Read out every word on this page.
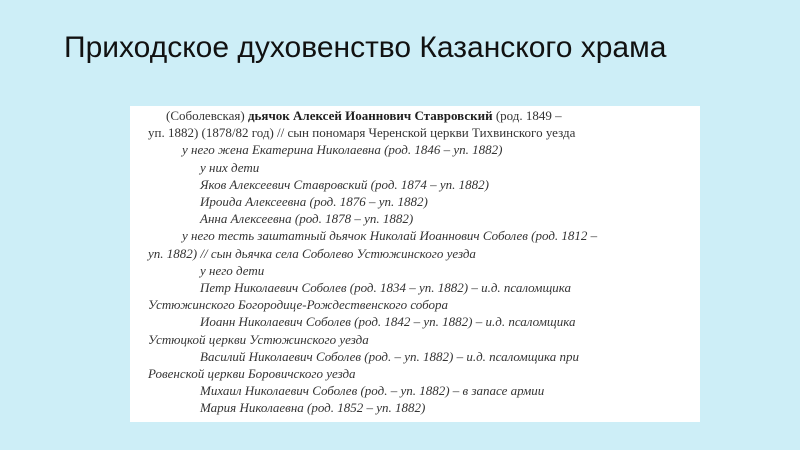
Приходское духовенство Казанского храма
(Соболевская) дьячок Алексей Иоаннович Ставровский (род. 1849 –
уп. 1882) (1878/82 год) // сын пономаря Черенской церкви Тихвинского уезда
у него жена Екатерина Николаевна (род. 1846 – уп. 1882)
у них дети
Яков Алексеевич Ставровский (род. 1874 – уп. 1882)
Ироида Алексеевна (род. 1876 – уп. 1882)
Анна Алексеевна (род. 1878 – уп. 1882)
у него тесть заштатный дьячок Николай Иоаннович Соболев (род. 1812 –
уп. 1882) // сын дьячка села Соболево Устюжинского уезда
у него дети
Петр Николаевич Соболев (род. 1834 – уп. 1882) – и.д. псаломщика
Устюжинского Богородице-Рождественского собора
Иоанн Николаевич Соболев (род. 1842 – уп. 1882) – и.д. псаломщика
Устюцкой церкви Устюжинского уезда
Василий Николаевич Соболев (род. – уп. 1882) – и.д. псаломщика при
Ровенской церкви Боровичского уезда
Михаил Николаевич Соболев (род. – уп. 1882) – в запасе армии
Мария Николаевна (род. 1852 – уп. 1882)
